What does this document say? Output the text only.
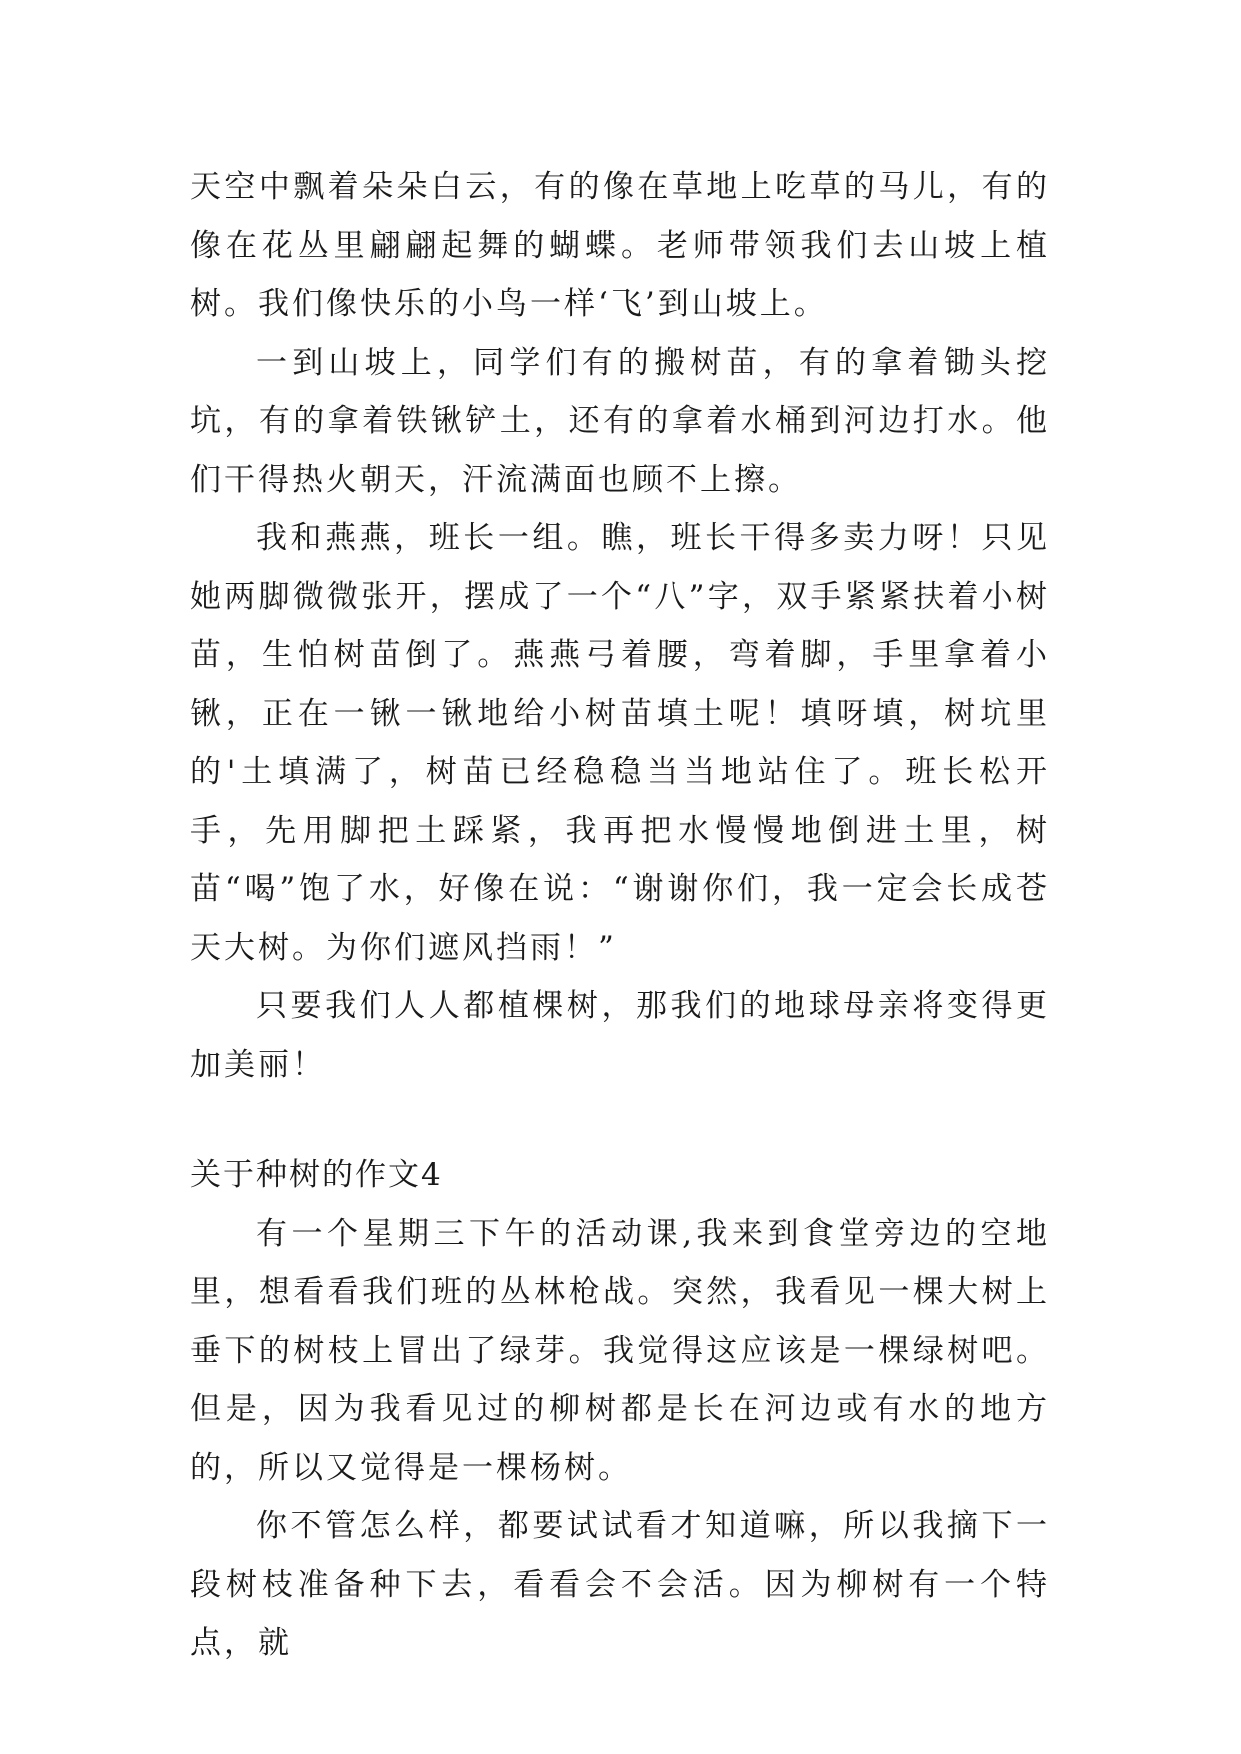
天空中飘着朵朵白云，有的像在草地上吃草的马儿，有的像在花丛里翩翩起舞的蝴蝶。老师带领我们去山坡上植树。我们像快乐的小鸟一样‘飞’到山坡上。

一到山坡上，同学们有的搬树苗，有的拿着锄头挖坑，有的拿着铁锹铲土，还有的拿着水桶到河边打水。他们干得热火朝天，汗流满面也顾不上擦。

我和燕燕，班长一组。瞧，班长干得多卖力呀！只见她两脚微微张开，摆成了一个“八”字，双手紧紧扶着小树苗，生怕树苗倒了。燕燕弓着腰，弯着脚，手里拿着小锹，正在一锹一锹地给小树苗填土呢！填呀填，树坑里的'土填满了，树苗已经稳稳当当地站住了。班长松开手，先用脚把土踩紧，我再把水慢慢地倒进土里，树苗“喝”饱了水，好像在说：“谢谢你们，我一定会长成苍天大树。为你们遮风挡雨！”

只要我们人人都植棵树，那我们的地球母亲将变得更加美丽！

关于种树的作文4

有一个星期三下午的活动课,我来到食堂旁边的空地里，想看看我们班的丛林枪战。突然，我看见一棵大树上垂下的树枝上冒出了绿芽。我觉得这应该是一棵绿树吧。但是，因为我看见过的柳树都是长在河边或有水的地方的，所以又觉得是一棵杨树。

你不管怎么样，都要试试看才知道嘛，所以我摘下一段树枝准备种下去，看看会不会活。因为柳树有一个特点，就
